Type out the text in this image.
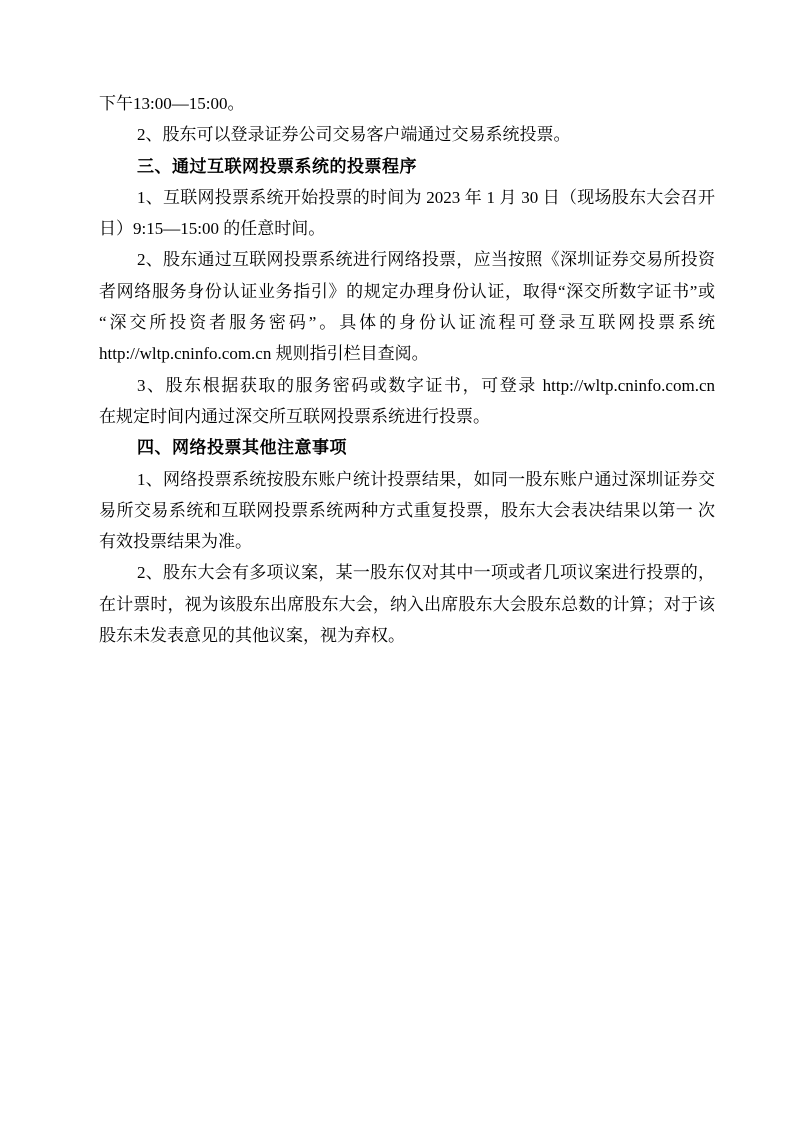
下午13:00—15:00。
2、股东可以登录证券公司交易客户端通过交易系统投票。
三、通过互联网投票系统的投票程序
1、互联网投票系统开始投票的时间为 2023 年 1 月 30 日（现场股东大会召开
日）9:15—15:00 的任意时间。
2、股东通过互联网投票系统进行网络投票，应当按照《深圳证券交易所投资
者网络服务身份认证业务指引》的规定办理身份认证，取得“深交所数字证书”或
“深交所投资者服务密码”。具体的身份认证流程可登录互联网投票系统
http://wltp.cninfo.com.cn 规则指引栏目查阅。
3、股东根据获取的服务密码或数字证书，可登录 http://wltp.cninfo.com.cn
在规定时间内通过深交所互联网投票系统进行投票。
四、网络投票其他注意事项
1、网络投票系统按股东账户统计投票结果，如同一股东账户通过深圳证券交
易所交易系统和互联网投票系统两种方式重复投票，股东大会表决结果以第一 次
有效投票结果为准。
2、股东大会有多项议案，某一股东仅对其中一项或者几项议案进行投票的，
在计票时，视为该股东出席股东大会，纳入出席股东大会股东总数的计算；对于该
股东未发表意见的其他议案，视为弃权。
